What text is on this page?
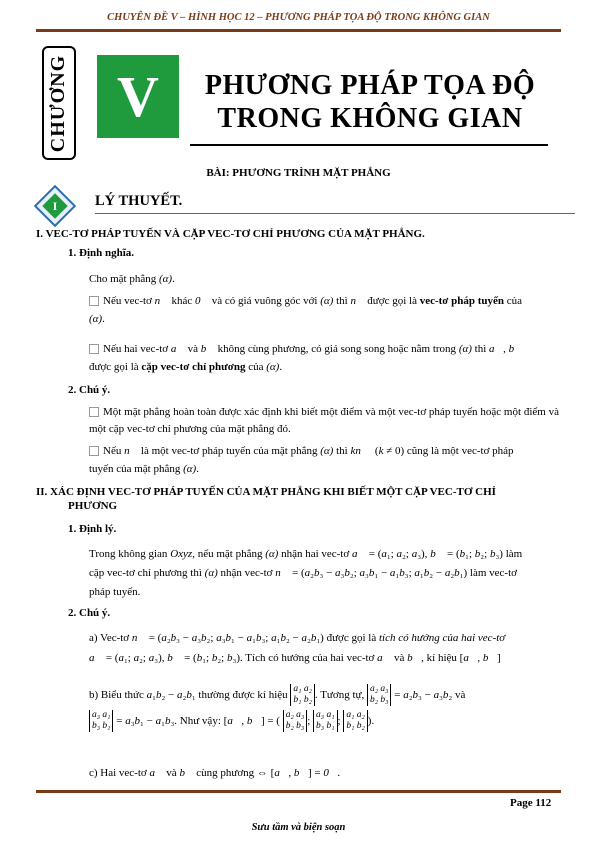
CHUYÊN ĐỀ V – HÌNH HỌC 12 – PHƯƠNG PHÁP TỌA ĐỘ TRONG KHÔNG GIAN
CHƯƠNG V	PHƯƠNG PHÁP TỌA ĐỘ
TRONG KHÔNG GIAN
BÀI: PHƯƠNG TRÌNH MẶT PHẲNG
I	LÝ THUYẾT.
I. VEC-TƠ PHÁP TUYẾN VÀ CẶP VEC-TƠ CHỈ PHƯƠNG CỦA MẶT PHẲNG.
1. Định nghĩa.
Cho mặt phẳng (α).
Nếu vec-tơ n⃗ khác 0⃗ và có giá vuông góc với (α) thì n⃗ được gọi là vec-tơ pháp tuyến của
(α).
Nếu hai vec-tơ a⃗ và b⃗ không cùng phương, có giá song song hoặc nằm trong (α) thì a⃗, b⃗
được gọi là cặp vec-tơ chỉ phương của (α).
2. Chú ý.
Một mặt phẳng hoàn toàn được xác định khi biết một điểm và một vec-tơ pháp tuyến hoặc một điểm và một cặp vec-tơ chỉ phương của mặt phẳng đó.
Nếu n⃗ là một vec-tơ pháp tuyến của mặt phẳng (α) thì kn⃗  (k ≠ 0) cũng là một vec-tơ pháp
tuyến của mặt phẳng (α).
II. XÁC ĐỊNH VEC-TƠ PHÁP TUYẾN CỦA MẶT PHẲNG KHI BIẾT MỘT CẶP VEC-TƠ CHỈ
PHƯƠNG
1. Định lý.
Trong không gian Oxyz, nếu mặt phẳng (α) nhận hai vec-tơ a⃗ = (a₁; a₂; a₃), b⃗ = (b₁; b₂; b₃) làm
cặp vec-tơ chỉ phương thì (α) nhận vec-tơ n⃗ = (a₂b₃ − a₃b₂; a₃b₁ − a₁b₃; a₁b₂ − a₂b₁) làm vec-tơ
pháp tuyến.
2. Chú ý.
a) Vec-tơ n⃗ = (a₂b₃ − a₃b₂; a₃b₁ − a₁b₃; a₁b₂ − a₂b₁) được gọi là tích có hướng của hai vec-tơ
a⃗ = (a₁; a₂; a₃), b⃗ = (b₁; b₂; b₃). Tích có hướng của hai vec-tơ a⃗ và b⃗, kí hiệu [a⃗, b⃗]
b) Biểu thức a₁b₂ − a₂b₁ thường được kí hiệu a₁ a₂
b₁ b₂ . Tương tự, a₂ a₃
b₂ b₃ = a₂b₃ − a₃b₂ và

a₃ a₁
b₃ b₁ = a₃b₁ − a₁b₃. Như vậy: [a⃗, b⃗] = ( a₂ a₃
b₂ b₃ ; a₃ a₁
b₃ b₁ ; a₁ a₂
b₁ b₂ ).
c) Hai vec-tơ a⃗ và b⃗ cùng phương ⇔ [a⃗, b⃗] = 0⃗.
Page 112
Sưu tầm và biện soạn
